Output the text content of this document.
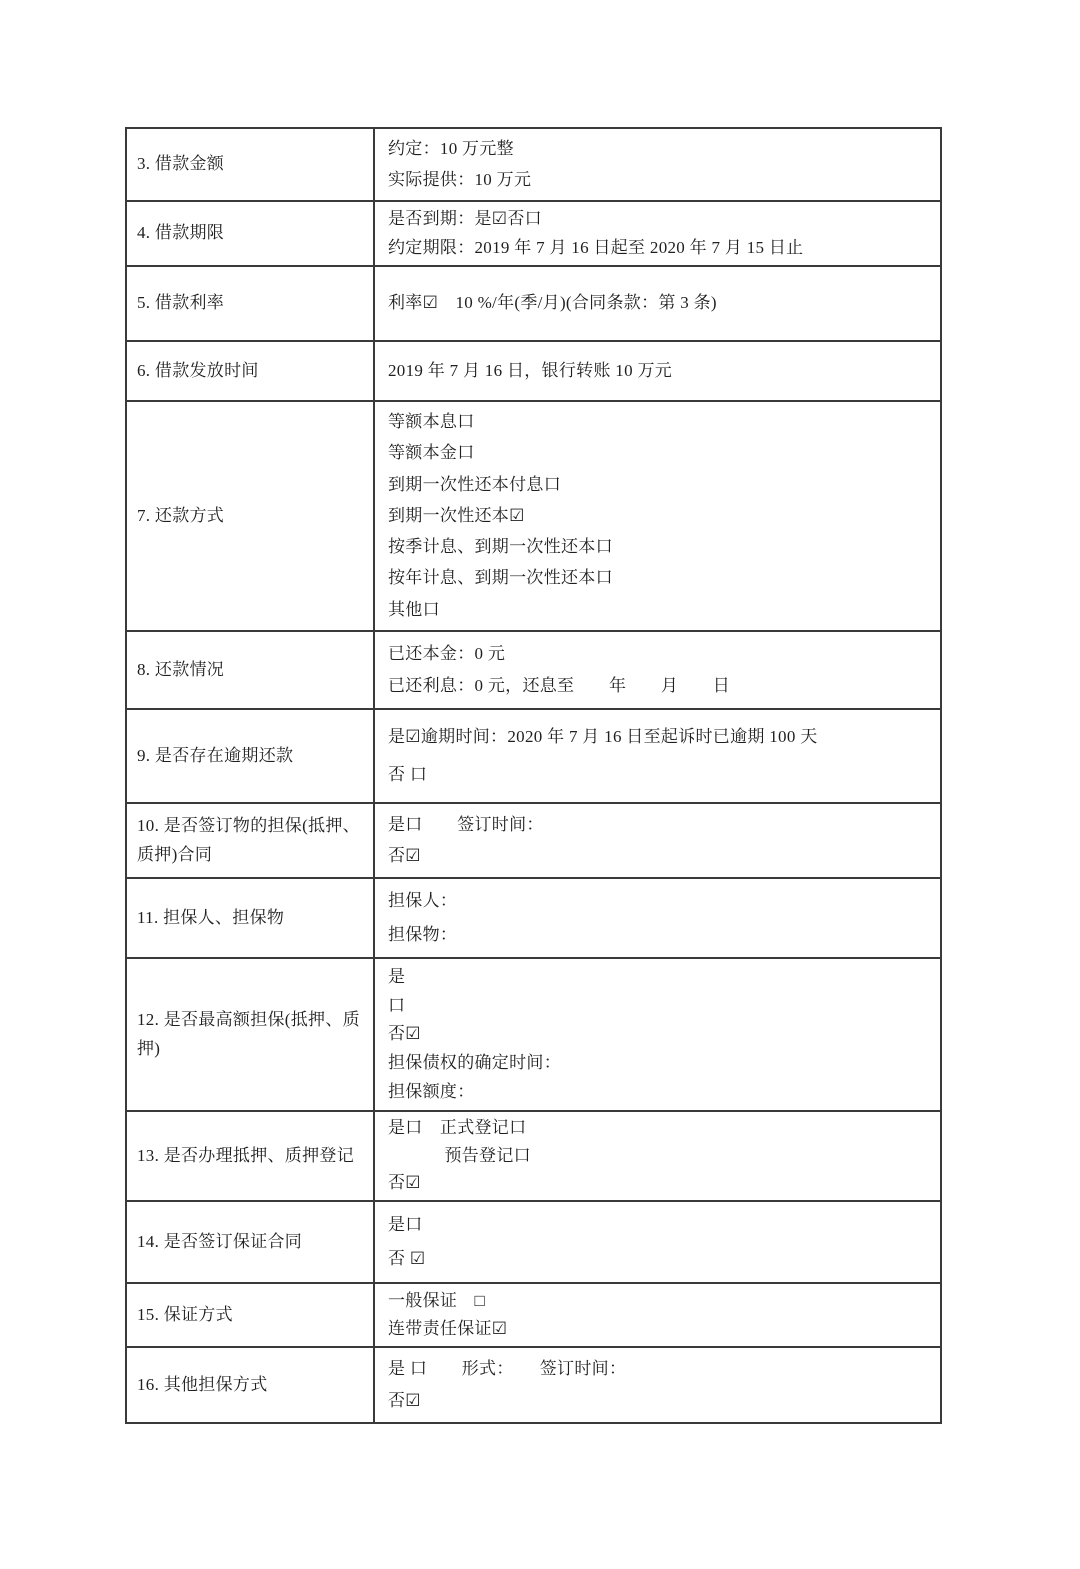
3. 借款金额
约定：10 万元整
实际提供：10 万元
4. 借款期限
是否到期：是☑否口
约定期限：2019 年 7 月 16 日起至 2020 年 7 月 15 日止
5. 借款利率	利率☑　10 %/年(季/月)(合同条款：第 3 条)
6. 借款发放时间	2019 年 7 月 16 日，银行转账 10 万元
7. 还款方式
等额本息口
等额本金口
到期一次性还本付息口
到期一次性还本☑
按季计息、到期一次性还本口
按年计息、到期一次性还本口
其他口
8. 还款情况
已还本金：0 元
已还利息：0 元，还息至　　年　　月　　日
9. 是否存在逾期还款
是☑逾期时间：2020 年 7 月 16 日至起诉时已逾期 100 天
否 口
10. 是否签订物的担保(抵押、质押)合同
是口　　签订时间：
否☑
11. 担保人、担保物
担保人：
担保物：
12. 是否最高额担保(抵押、质押)
是
口
否☑
担保债权的确定时间：
担保额度：
13. 是否办理抵押、质押登记
是口　正式登记口
　　　 预告登记口
否☑
14. 是否签订保证合同
是口
否 ☑
15. 保证方式
一般保证　□
连带责任保证☑
16. 其他担保方式
是 口　　形式：　　签订时间：
否☑
